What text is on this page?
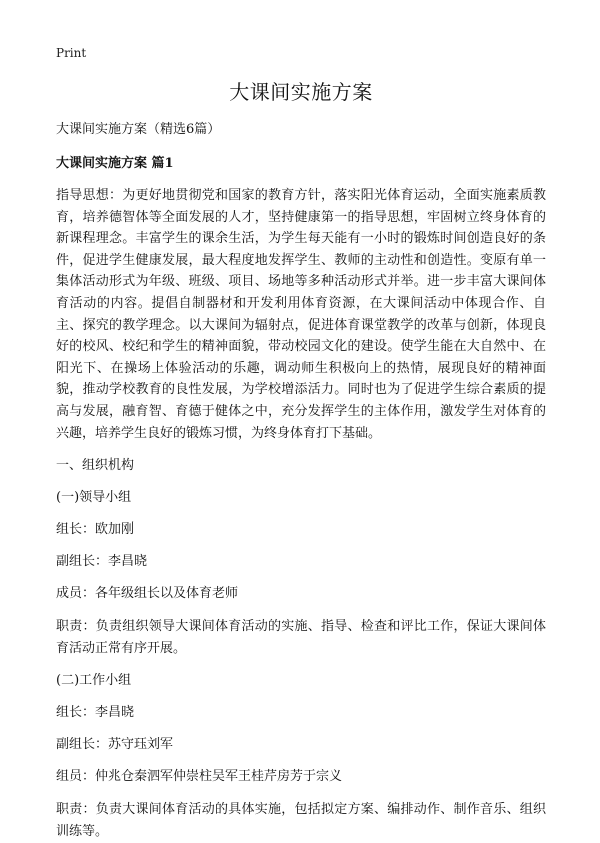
Print
大课间实施方案
大课间实施方案（精选6篇）
大课间实施方案 篇1

指导思想：为更好地贯彻党和国家的教育方针，落实阳光体育运动，全面实施素质教育，培养德智体等全面发展的人才，坚持健康第一的指导思想，牢固树立终身体育的新课程理念。丰富学生的课余生活，为学生每天能有一小时的锻炼时间创造良好的条件，促进学生健康发展，最大程度地发挥学生、教师的主动性和创造性。变原有单一集体活动形式为年级、班级、项目、场地等多种活动形式并举。进一步丰富大课间体育活动的内容。提倡自制器材和开发利用体育资源，在大课间活动中体现合作、自主、探究的教学理念。以大课间为辐射点，促进体育课堂教学的改革与创新，体现良好的校风、校纪和学生的精神面貌，带动校园文化的建设。使学生能在大自然中、在阳光下、在操场上体验活动的乐趣，调动师生积极向上的热情，展现良好的精神面貌，推动学校教育的良性发展，为学校增添活力。同时也为了促进学生综合素质的提高与发展，融育智、育德于健体之中，充分发挥学生的主体作用，激发学生对体育的兴趣，培养学生良好的锻炼习惯，为终身体育打下基础。

一、组织机构

(一)领导小组

组长：欧加刚

副组长：李昌晓

成员：各年级组长以及体育老师

职责：负责组织领导大课间体育活动的实施、指导、检查和评比工作，保证大课间体育活动正常有序开展。

(二)工作小组

组长：李昌晓

副组长：苏守珏刘军

组员：仲兆仓秦泗军仲崇柱吴军王桂芹房芳于宗义

职责：负责大课间体育活动的具体实施，包括拟定方案、编排动作、制作音乐、组织训练等。
